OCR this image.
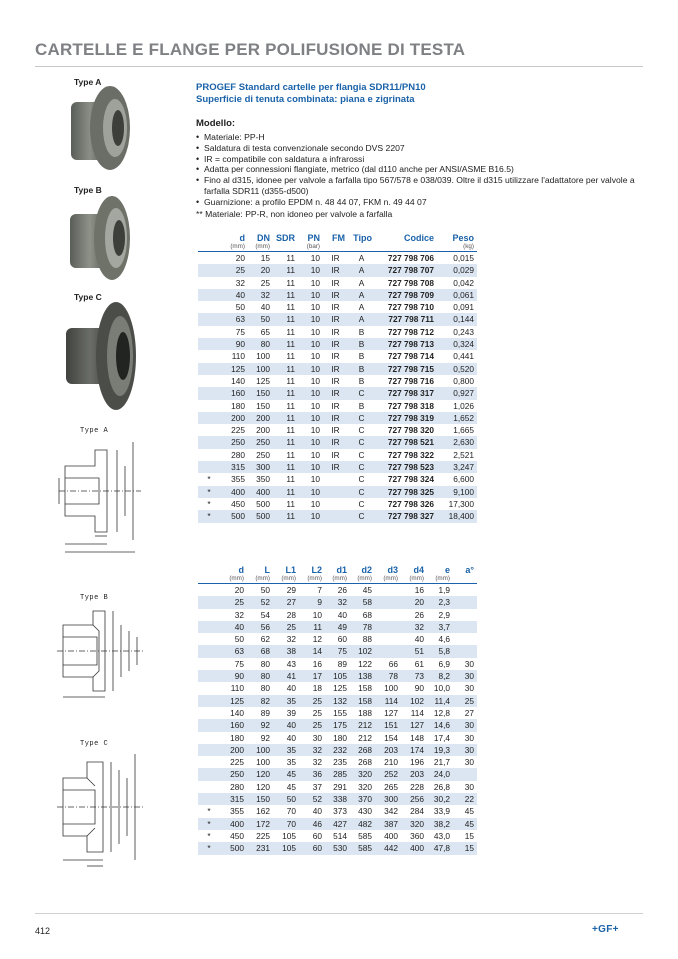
CARTELLE E FLANGE PER POLIFUSIONE DI TESTA
Type A
Type B
Type C
Type A
Type B
Type C
PROGEF Standard cartelle per flangia SDR11/PN10
Superficie di tenuta combinata: piana e zigrinata
Modello:
• Materiale: PP-H
• Saldatura di testa convenzionale secondo DVS 2207
• IR = compatibile con saldatura a infrarossi
• Adatta per connessioni flangiate, metrico (dal d110 anche per ANSI/ASME B16.5)
• Fino al d315, idonee per valvole a farfalla tipo 567/578 e 038/039. Oltre il d315 utilizzare l'adattatore per valvole a farfalla SDR11 (d355-d500)
• Guarnizione: a profilo EPDM n. 48 44 07, FKM n. 49 44 07
** Materiale: PP-R, non idoneo per valvole a farfalla
	d	DN	SDR	PN	FM	Tipo	Codice	Peso
	(mm)	(mm)		(bar)				(kg)
	20	15	11	10	IR	A	727 798 706	0,015
	25	20	11	10	IR	A	727 798 707	0,029
	32	25	11	10	IR	A	727 798 708	0,042
	40	32	11	10	IR	A	727 798 709	0,061
	50	40	11	10	IR	A	727 798 710	0,091
	63	50	11	10	IR	A	727 798 711	0,144
	75	65	11	10	IR	B	727 798 712	0,243
	90	80	11	10	IR	B	727 798 713	0,324
	110	100	11	10	IR	B	727 798 714	0,441
	125	100	11	10	IR	B	727 798 715	0,520
	140	125	11	10	IR	B	727 798 716	0,800
	160	150	11	10	IR	C	727 798 317	0,927
	180	150	11	10	IR	B	727 798 318	1,026
	200	200	11	10	IR	C	727 798 319	1,652
	225	200	11	10	IR	C	727 798 320	1,665
	250	250	11	10	IR	C	727 798 521	2,630
	280	250	11	10	IR	C	727 798 322	2,521
	315	300	11	10	IR	C	727 798 523	3,247
*	355	350	11	10		C	727 798 324	6,600
*	400	400	11	10		C	727 798 325	9,100
*	450	500	11	10		C	727 798 326	17,300
*	500	500	11	10		C	727 798 327	18,400
	d	L	L1	L2	d1	d2	d3	d4	e	a°
	(mm)	(mm)	(mm)	(mm)	(mm)	(mm)	(mm)	(mm)	(mm)	
	20	50	29	7	26	45		16	1,9	
	25	52	27	9	32	58		20	2,3	
	32	54	28	10	40	68		26	2,9	
	40	56	25	11	49	78		32	3,7	
	50	62	32	12	60	88		40	4,6	
	63	68	38	14	75	102		51	5,8	
	75	80	43	16	89	122	66	61	6,9	30
	90	80	41	17	105	138	78	73	8,2	30
	110	80	40	18	125	158	100	90	10,0	30
	125	82	35	25	132	158	114	102	11,4	25
	140	89	39	25	155	188	127	114	12,8	27
	160	92	40	25	175	212	151	127	14,6	30
	180	92	40	30	180	212	154	148	17,4	30
	200	100	35	32	232	268	203	174	19,3	30
	225	100	35	32	235	268	210	196	21,7	30
	250	120	45	36	285	320	252	203	24,0	
	280	120	45	37	291	320	265	228	26,8	30
	315	150	50	52	338	370	300	256	30,2	22
*	355	162	70	40	373	430	342	284	33,9	45
*	400	172	70	46	427	482	387	320	38,2	45
*	450	225	105	60	514	585	400	360	43,0	15
*	500	231	105	60	530	585	442	400	47,8	15
412	+GF+
